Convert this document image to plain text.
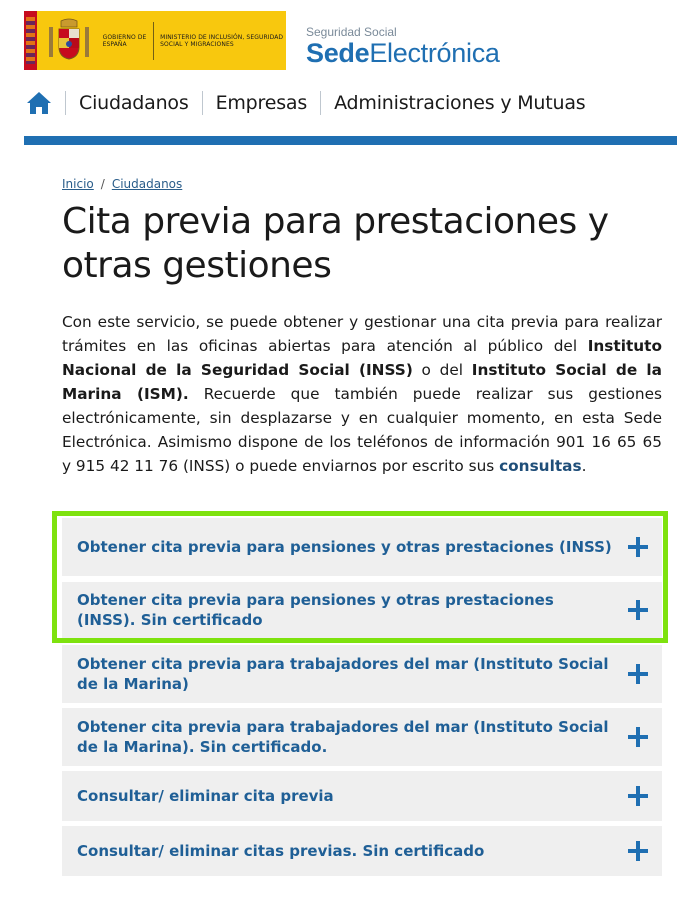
GOBIERNO DE ESPAÑA
MINISTERIO DE INCLUSIÓN, SEGURIDAD SOCIAL Y MIGRACIONES
Seguridad Social
SedeElectrónica
Ciudadanos Empresas Administraciones y Mutuas
Inicio / Ciudadanos
Cita previa para prestaciones y otras gestiones

Con este servicio, se puede obtener y gestionar una cita previa para realizar trámites en las oficinas abiertas para atención al público del Instituto Nacional de la Seguridad Social (INSS) o del Instituto Social de la Marina (ISM). Recuerde que también puede realizar sus gestiones electrónicamente, sin desplazarse y en cualquier momento, en esta Sede Electrónica. Asimismo dispone de los teléfonos de información 901 16 65 65 y 915 42 11 76 (INSS) o puede enviarnos por escrito sus consultas.

Obtener cita previa para pensiones y otras prestaciones (INSS)
Obtener cita previa para pensiones y otras prestaciones (INSS). Sin certificado
Obtener cita previa para trabajadores del mar (Instituto Social de la Marina)
Obtener cita previa para trabajadores del mar (Instituto Social de la Marina). Sin certificado.
Consultar/ eliminar cita previa
Consultar/ eliminar citas previas. Sin certificado
